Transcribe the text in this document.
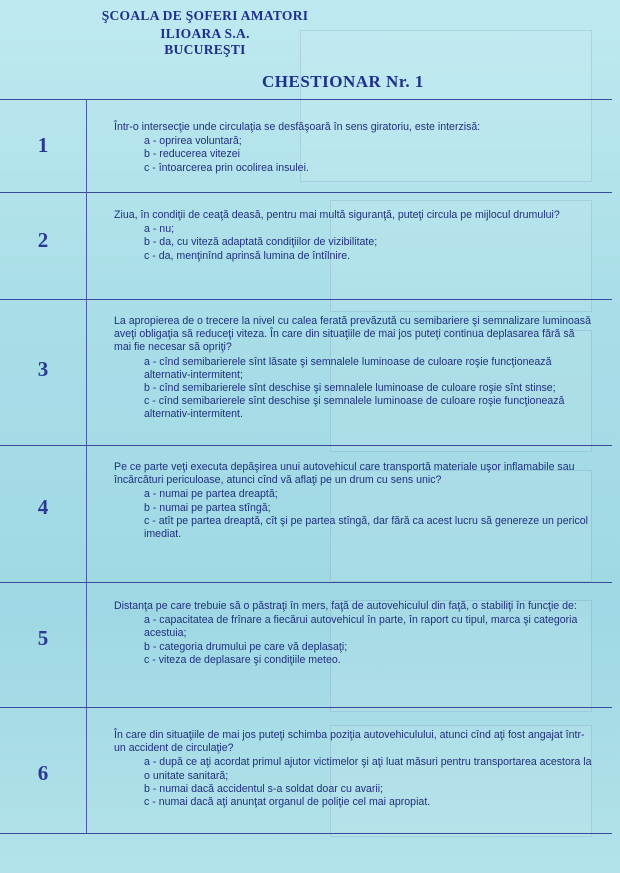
ŞCOALA DE ŞOFERI AMATORI
ILIOARA S.A.
BUCUREŞTI
CHESTIONAR Nr. 1
1
Într-o intersecţie unde circulaţia se desfăşoară în sens giratoriu, este interzisă:
a - oprirea voluntară;
b - reducerea vitezei
c - întoarcerea prin ocolirea insulei.
2
Ziua, în condiţii de ceaţă deasă, pentru mai multă siguranţă, puteţi circula pe mijlocul drumului?
a - nu;
b - da, cu viteză adaptată condiţiilor de vizibilitate;
c - da, menţinînd aprinsă lumina de întîlnire.
3
La apropierea de o trecere la nivel cu calea ferată prevăzută cu semibariere şi semnalizare luminoasă aveţi obligaţia să reduceţi viteza. În care din situaţiile de mai jos puteţi continua deplasarea fără să mai fie necesar să opriţi?
a - cînd semibarierele sînt lăsate şi semnalele luminoase de culoare roşie funcţionează alternativ-intermitent;
b - cînd semibarierele sînt deschise şi semnalele luminoase de culoare roşie sînt stinse;
c - cînd semibarierele sînt deschise şi semnalele luminoase de culoare roşie funcţionează alternativ-intermitent.
4
Pe ce parte veţi executa depăşirea unui autovehicul care transportă materiale uşor inflamabile sau încărcături periculoase, atunci cînd vă aflaţi pe un drum cu sens unic?
a - numai pe partea dreaptă;
b - numai pe partea stîngă;
c - atît pe partea dreaptă, cît şi pe partea stîngă, dar fără ca acest lucru să genereze un pericol imediat.
5
Distanţa pe care trebuie să o păstraţi în mers, faţă de autovehiculul din faţă, o stabiliţi în funcţie de:
a - capacitatea de frînare a fiecărui autovehicul în parte, în raport cu tipul, marca şi categoria acestuia;
b - categoria drumului pe care vă deplasaţi;
c - viteza de deplasare şi condiţiile meteo.
6
În care din situaţiile de mai jos puteţi schimba poziţia autovehiculului, atunci cînd aţi fost angajat într-un accident de circulaţie?
a - după ce aţi acordat primul ajutor victimelor şi aţi luat măsuri pentru transportarea acestora la o unitate sanitară;
b - numai dacă accidentul s-a soldat doar cu avarii;
c - numai dacă aţi anunţat organul de poliţie cel mai apropiat.
